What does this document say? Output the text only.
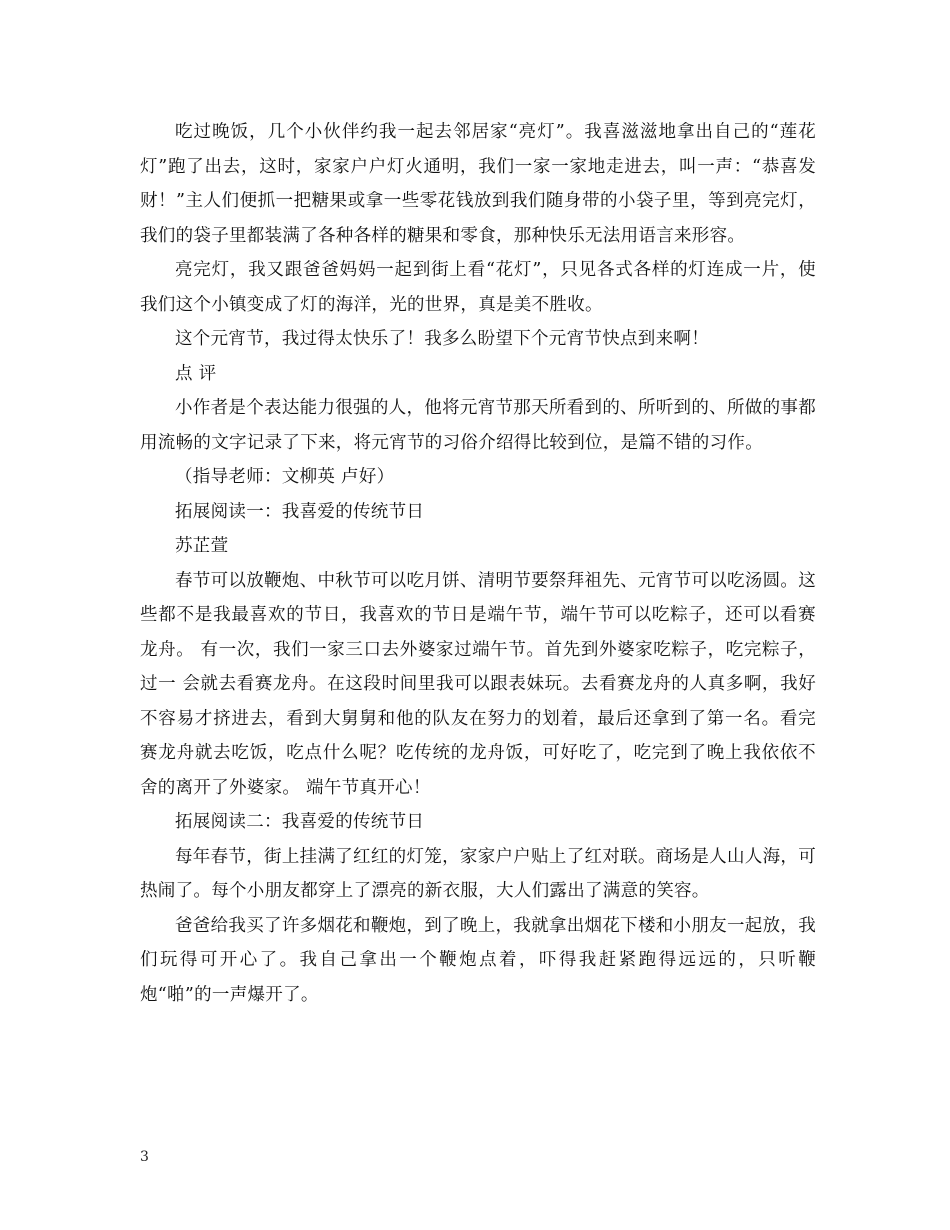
吃过晚饭，几个小伙伴约我一起去邻居家“亮灯”。我喜滋滋地拿出自己的“莲花灯”跑了出去，这时，家家户户灯火通明，我们一家一家地走进去，叫一声：“恭喜发财！”主人们便抓一把糖果或拿一些零花钱放到我们随身带的小袋子里，等到亮完灯，我们的袋子里都装满了各种各样的糖果和零食，那种快乐无法用语言来形容。

亮完灯，我又跟爸爸妈妈一起到街上看“花灯”，只见各式各样的灯连成一片，使我们这个小镇变成了灯的海洋，光的世界，真是美不胜收。

这个元宵节，我过得太快乐了！我多么盼望下个元宵节快点到来啊！

点 评

小作者是个表达能力很强的人，他将元宵节那天所看到的、所听到的、所做的事都用流畅的文字记录了下来，将元宵节的习俗介绍得比较到位，是篇不错的习作。

（指导老师：文柳英 卢好）

拓展阅读一：我喜爱的传统节日

苏芷萱

春节可以放鞭炮、中秋节可以吃月饼、清明节要祭拜祖先、元宵节可以吃汤圆。这些都不是我最喜欢的节日，我喜欢的节日是端午节，端午节可以吃粽子，还可以看赛龙舟。 有一次，我们一家三口去外婆家过端午节。首先到外婆家吃粽子，吃完粽子，过一 会就去看赛龙舟。在这段时间里我可以跟表妹玩。去看赛龙舟的人真多啊，我好不容易才挤进去，看到大舅舅和他的队友在努力的划着，最后还拿到了第一名。看完赛龙舟就去吃饭，吃点什么呢？吃传统的龙舟饭，可好吃了，吃完到了晚上我依依不舍的离开了外婆家。 端午节真开心！

拓展阅读二：我喜爱的传统节日

每年春节，街上挂满了红红的灯笼，家家户户贴上了红对联。商场是人山人海，可热闹了。每个小朋友都穿上了漂亮的新衣服，大人们露出了满意的笑容。

爸爸给我买了许多烟花和鞭炮，到了晚上，我就拿出烟花下楼和小朋友一起放，我们玩得可开心了。我自己拿出一个鞭炮点着，吓得我赶紧跑得远远的，只听鞭炮“啪”的一声爆开了。

3
